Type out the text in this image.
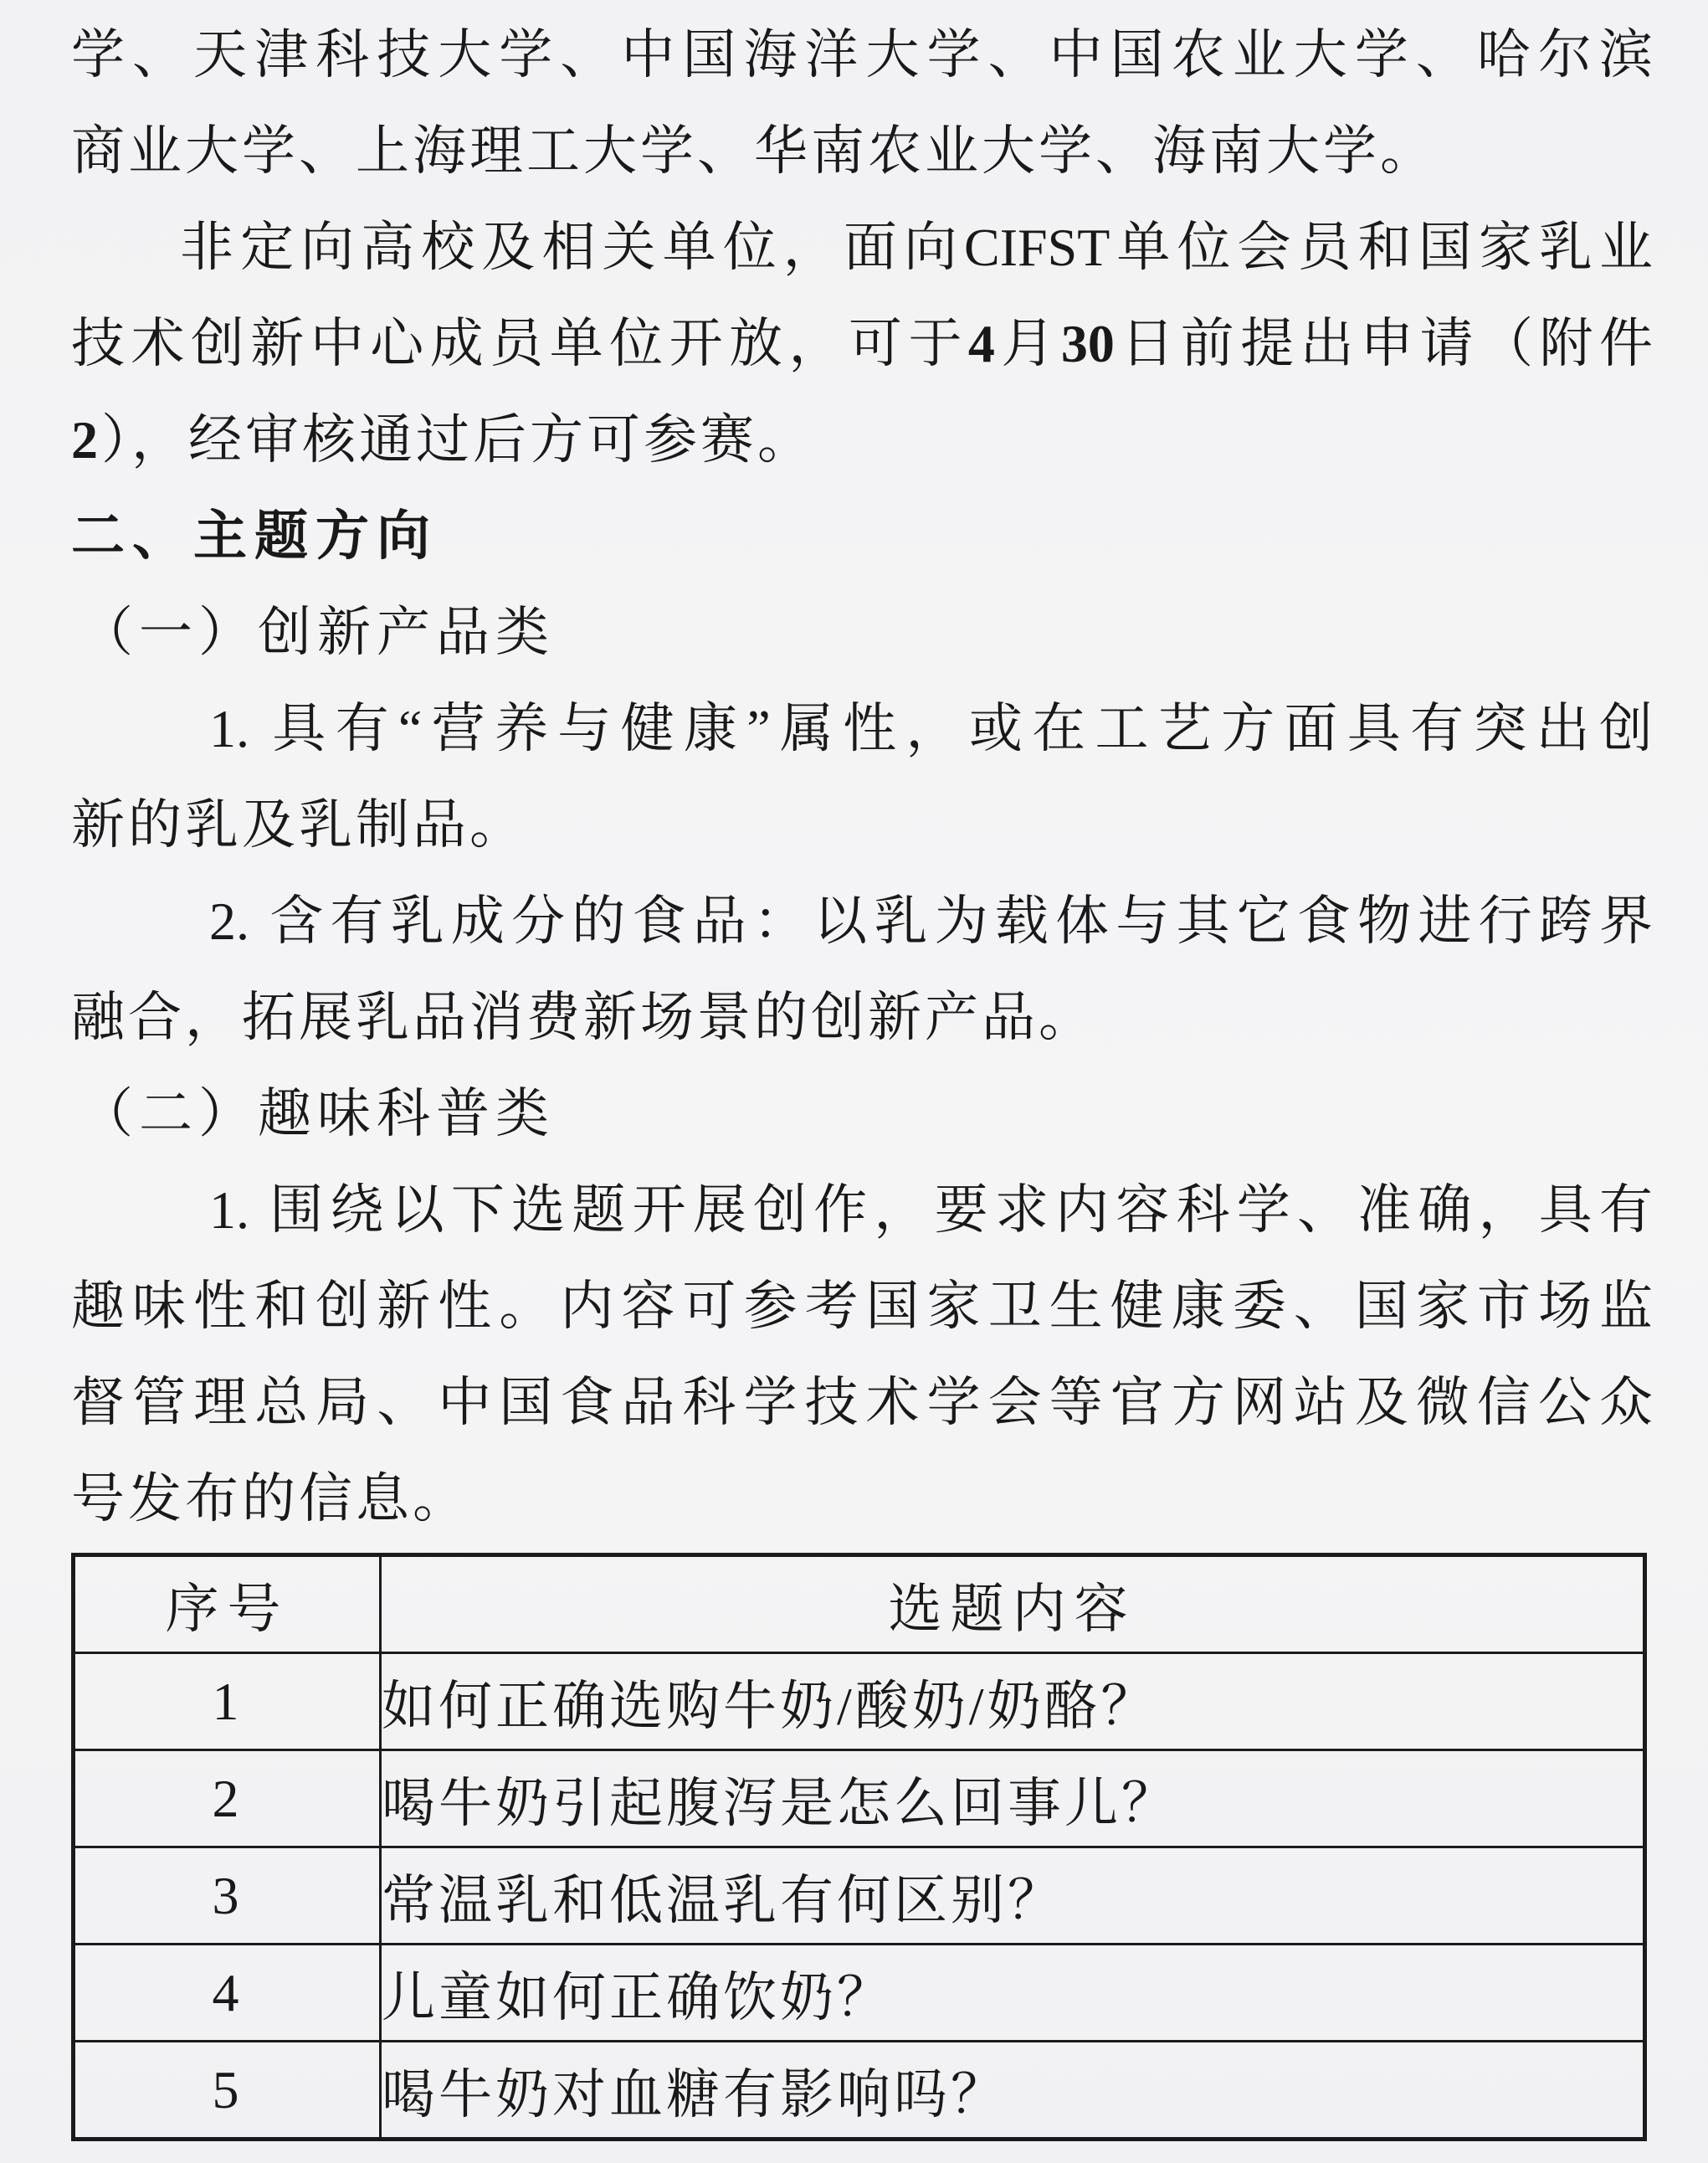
学、天津科技大学、中国海洋大学、中国农业大学、哈尔滨
商业大学、上海理工大学、华南农业大学、海南大学。
非定向高校及相关单位，面向CIFST单位会员和国家乳业
技术创新中心成员单位开放，可于4月30日前提出申请（附件
2），经审核通过后方可参赛。
二、主题方向
（一）创新产品类
1. 具有“营养与健康”属性，或在工艺方面具有突出创
新的乳及乳制品。
2. 含有乳成分的食品：以乳为载体与其它食物进行跨界
融合，拓展乳品消费新场景的创新产品。
（二）趣味科普类
1. 围绕以下选题开展创作，要求内容科学、准确，具有
趣味性和创新性。内容可参考国家卫生健康委、国家市场监
督管理总局、中国食品科学技术学会等官方网站及微信公众
号发布的信息。
序号	选题内容
1	如何正确选购牛奶/酸奶/奶酪？
2	喝牛奶引起腹泻是怎么回事儿？
3	常温乳和低温乳有何区别？
4	儿童如何正确饮奶？
5	喝牛奶对血糖有影响吗？
